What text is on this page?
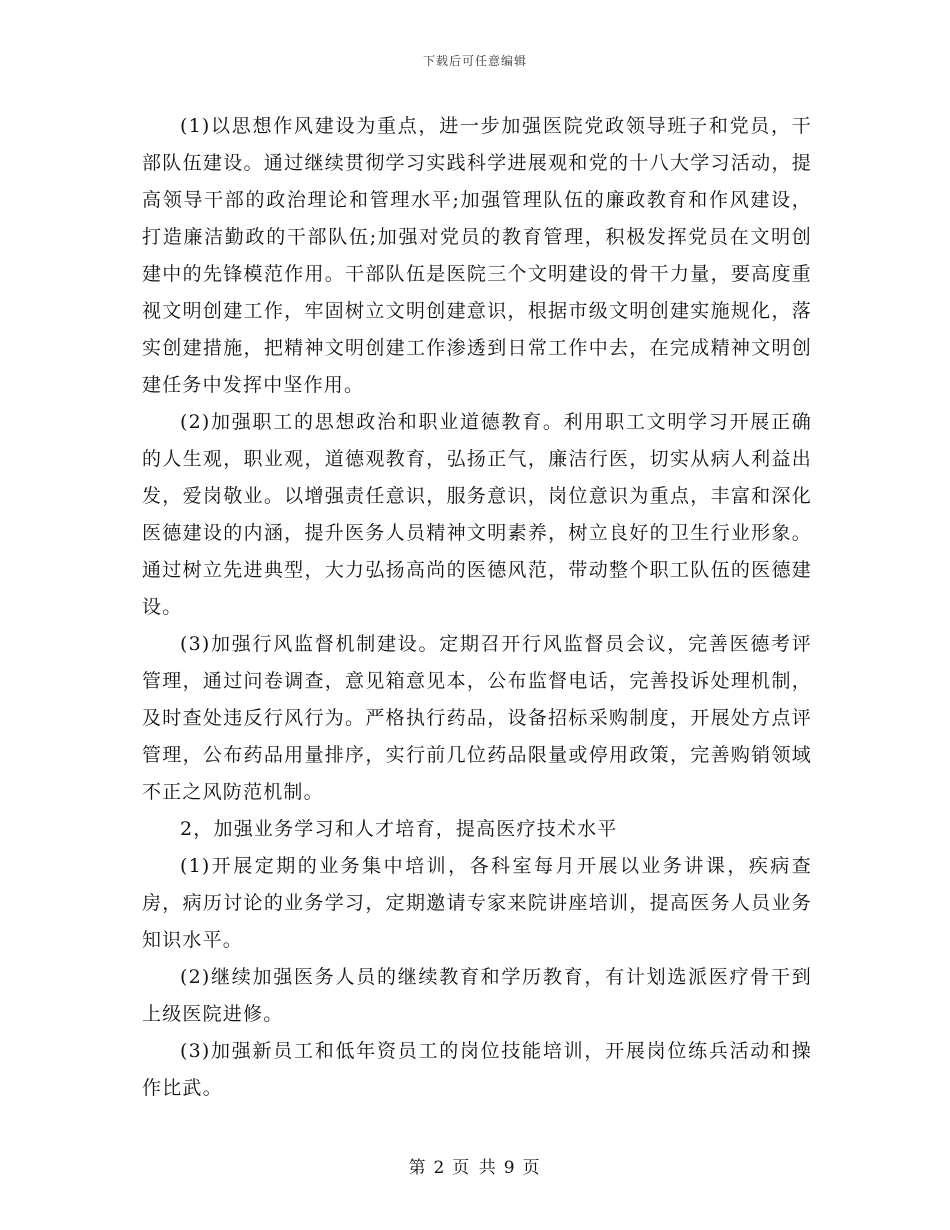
下载后可任意编辑

(1)以思想作风建设为重点，进一步加强医院党政领导班子和党员，干部队伍建设。通过继续贯彻学习实践科学进展观和党的十八大学习活动，提高领导干部的政治理论和管理水平;加强管理队伍的廉政教育和作风建设，打造廉洁勤政的干部队伍;加强对党员的教育管理，积极发挥党员在文明创建中的先锋模范作用。干部队伍是医院三个文明建设的骨干力量，要高度重视文明创建工作，牢固树立文明创建意识，根据市级文明创建实施规化，落实创建措施，把精神文明创建工作渗透到日常工作中去，在完成精神文明创建任务中发挥中坚作用。

(2)加强职工的思想政治和职业道德教育。利用职工文明学习开展正确的人生观，职业观，道德观教育，弘扬正气，廉洁行医，切实从病人利益出发，爱岗敬业。以增强责任意识，服务意识，岗位意识为重点，丰富和深化医德建设的内涵，提升医务人员精神文明素养，树立良好的卫生行业形象。通过树立先进典型，大力弘扬高尚的医德风范，带动整个职工队伍的医德建设。

(3)加强行风监督机制建设。定期召开行风监督员会议，完善医德考评管理，通过问卷调查，意见箱意见本，公布监督电话，完善投诉处理机制，及时查处违反行风行为。严格执行药品，设备招标采购制度，开展处方点评管理，公布药品用量排序，实行前几位药品限量或停用政策，完善购销领域不正之风防范机制。

2，加强业务学习和人才培育，提高医疗技术水平

(1)开展定期的业务集中培训，各科室每月开展以业务讲课，疾病查房，病历讨论的业务学习，定期邀请专家来院讲座培训，提高医务人员业务知识水平。

(2)继续加强医务人员的继续教育和学历教育，有计划选派医疗骨干到上级医院进修。

(3)加强新员工和低年资员工的岗位技能培训，开展岗位练兵活动和操作比武。

第 2 页 共 9 页
